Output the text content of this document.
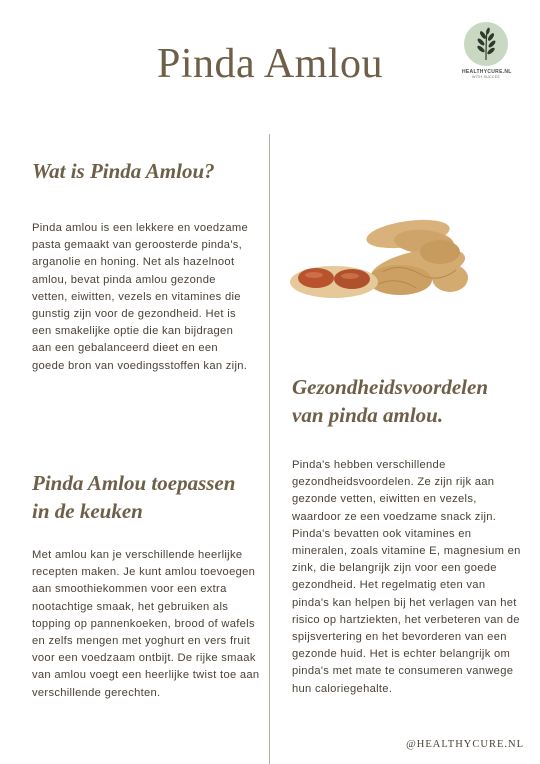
Pinda Amlou	HEALTHYCURE.NL
WITH SUCCES
Wat is Pinda Amlou?

Pinda amlou is een lekkere en voedzame pasta gemaakt van geroosterde pinda's, arganolie en honing. Net als hazelnoot amlou, bevat pinda amlou gezonde vetten, eiwitten, vezels en vitamines die gunstig zijn voor de gezondheid. Het is een smakelijke optie die kan bijdragen aan een gebalanceerd dieet en een goede bron van voedingsstoffen kan zijn.

Pinda Amlou toepassen in de keuken

Met amlou kan je verschillende heerlijke recepten maken. Je kunt amlou toevoegen aan smoothiekommen voor een extra nootachtige smaak, het gebruiken als topping op pannenkoeken, brood of wafels en zelfs mengen met yoghurt en vers fruit voor een voedzaam ontbijt. De rijke smaak van amlou voegt een heerlijke twist toe aan verschillende gerechten.

Gezondheidsvoordelen van pinda amlou.

Pinda's hebben verschillende gezondheidsvoordelen. Ze zijn rijk aan gezonde vetten, eiwitten en vezels, waardoor ze een voedzame snack zijn. Pinda's bevatten ook vitamines en mineralen, zoals vitamine E, magnesium en zink, die belangrijk zijn voor een goede gezondheid. Het regelmatig eten van pinda's kan helpen bij het verlagen van het risico op hartziekten, het verbeteren van de spijsvertering en het bevorderen van een gezonde huid. Het is echter belangrijk om pinda's met mate te consumeren vanwege hun caloriegehalte.

@HEALTHYCURE.NL
